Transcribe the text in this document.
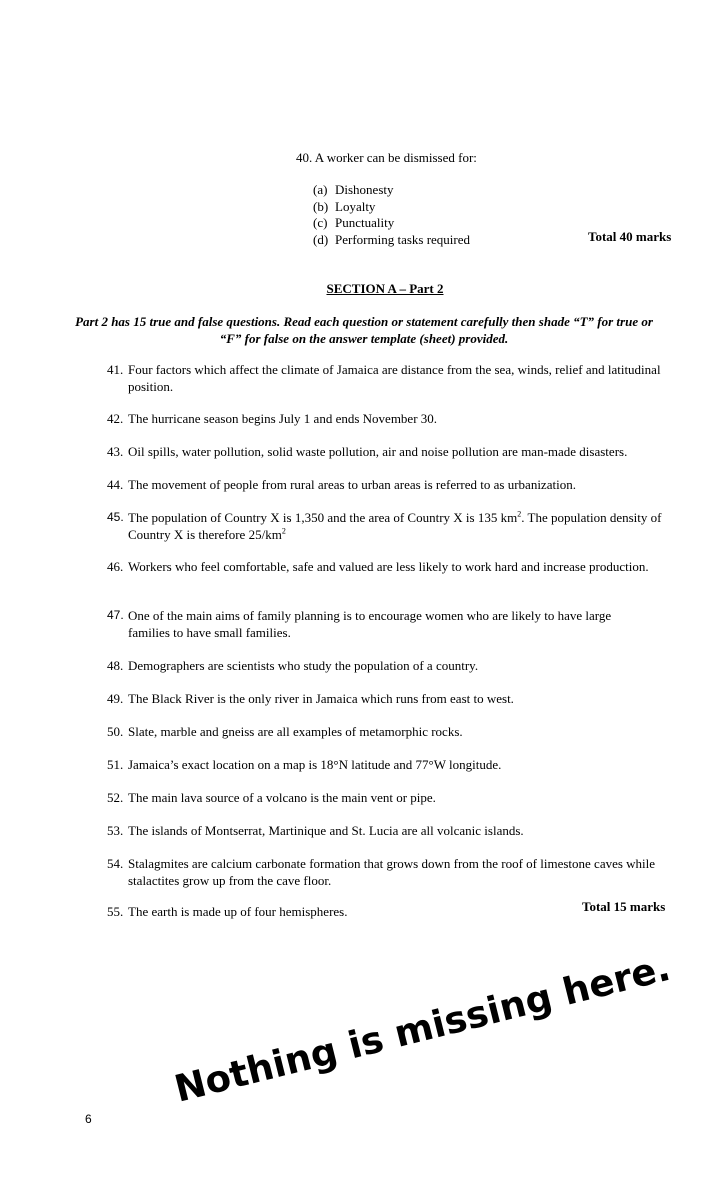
40. A worker can be dismissed for:
(a) Dishonesty
(b) Loyalty
(c) Punctuality
(d) Performing tasks required	Total 40 marks
SECTION A – Part 2
Part 2 has 15 true and false questions. Read each question or statement carefully then shade “T” for true or
“F” for false on the answer template (sheet) provided.
41. Four factors which affect the climate of Jamaica are distance from the sea, winds, relief and latitudinal position.
42. The hurricane season begins July 1 and ends November 30.
43. Oil spills, water pollution, solid waste pollution, air and noise pollution are man-made disasters.
44. The movement of people from rural areas to urban areas is referred to as urbanization.
45. The population of Country X is 1,350 and the area of Country X is 135 $km^2$. The population density of Country X is therefore $25/km^2$
46. Workers who feel comfortable, safe and valued are less likely to work hard and increase production.
47. One of the main aims of family planning is to encourage women who are likely to have large families to have small families.
48. Demographers are scientists who study the population of a country.
49. The Black River is the only river in Jamaica which runs from east to west.
50. Slate, marble and gneiss are all examples of metamorphic rocks.
51. Jamaica’s exact location on a map is 18°N latitude and 77°W longitude.
52. The main lava source of a volcano is the main vent or pipe.
53. The islands of Montserrat, Martinique and St. Lucia are all volcanic islands.
54. Stalagmites are calcium carbonate formation that grows down from the roof of limestone caves while stalactites grow up from the cave floor.
55. The earth is made up of four hemispheres.	Total 15 marks
6
Nothing is missing here.
